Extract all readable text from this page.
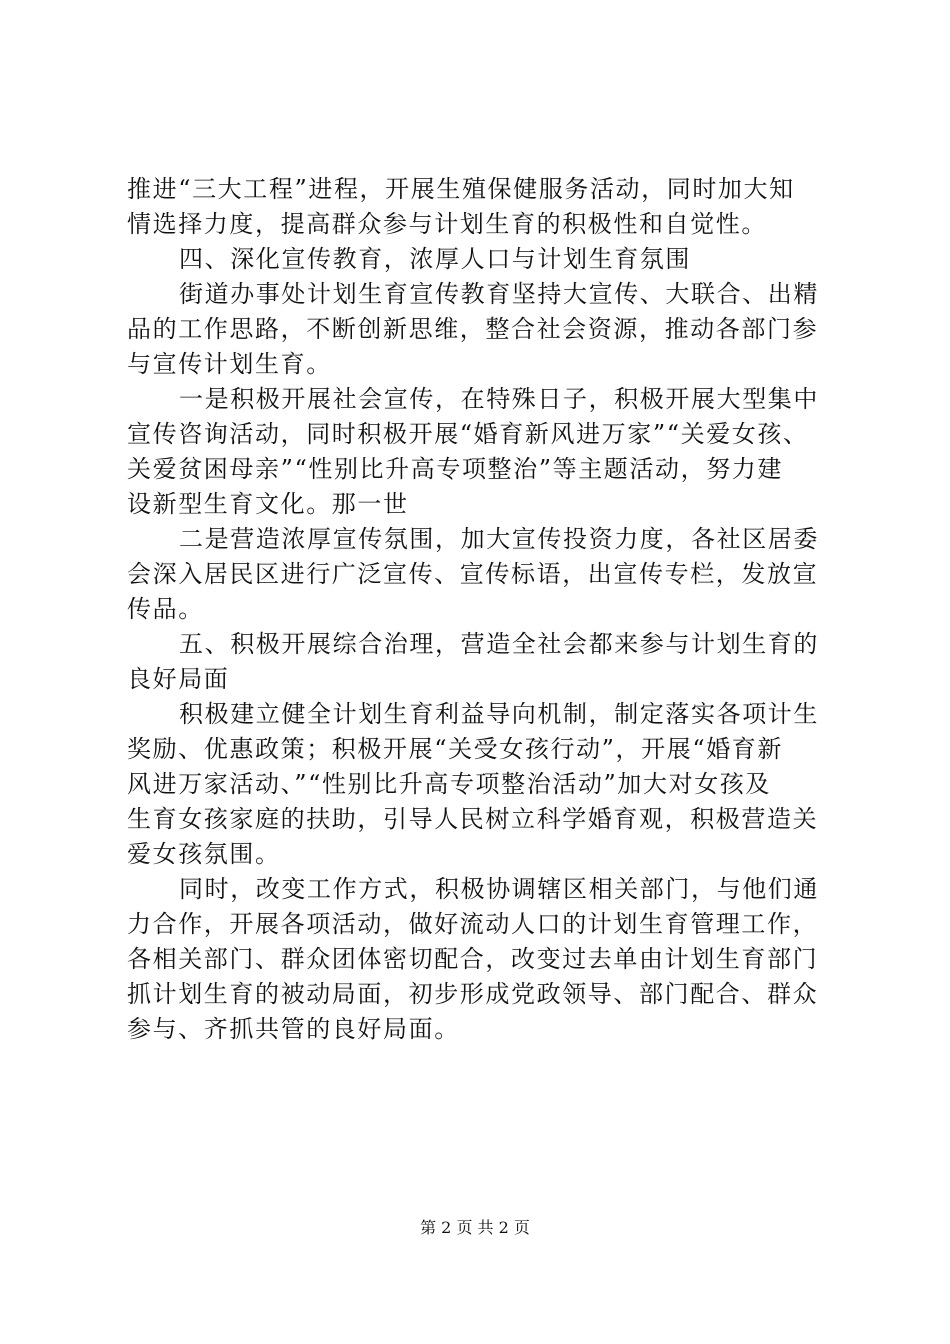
推进“三大工程”进程，开展生殖保健服务活动，同时加大知
情选择力度，提高群众参与计划生育的积极性和自觉性。
四、深化宣传教育，浓厚人口与计划生育氛围
街道办事处计划生育宣传教育坚持大宣传、大联合、出精
品的工作思路，不断创新思维，整合社会资源，推动各部门参
与宣传计划生育。
一是积极开展社会宣传，在特殊日子，积极开展大型集中
宣传咨询活动，同时积极开展“婚育新风进万家”“关爱女孩、
关爱贫困母亲”“性别比升高专项整治”等主题活动，努力建
设新型生育文化。那一世
二是营造浓厚宣传氛围，加大宣传投资力度，各社区居委
会深入居民区进行广泛宣传、宣传标语，出宣传专栏，发放宣
传品。
五、积极开展综合治理，营造全社会都来参与计划生育的
良好局面
积极建立健全计划生育利益导向机制，制定落实各项计生
奖励、优惠政策；积极开展“关受女孩行动”，开展“婚育新
风进万家活动、”“性别比升高专项整治活动”加大对女孩及
生育女孩家庭的扶助，引导人民树立科学婚育观，积极营造关
爱女孩氛围。
同时，改变工作方式，积极协调辖区相关部门，与他们通
力合作，开展各项活动，做好流动人口的计划生育管理工作，
各相关部门、群众团体密切配合，改变过去单由计划生育部门
抓计划生育的被动局面，初步形成党政领导、部门配合、群众
参与、齐抓共管的良好局面。
第 2 页 共 2 页
